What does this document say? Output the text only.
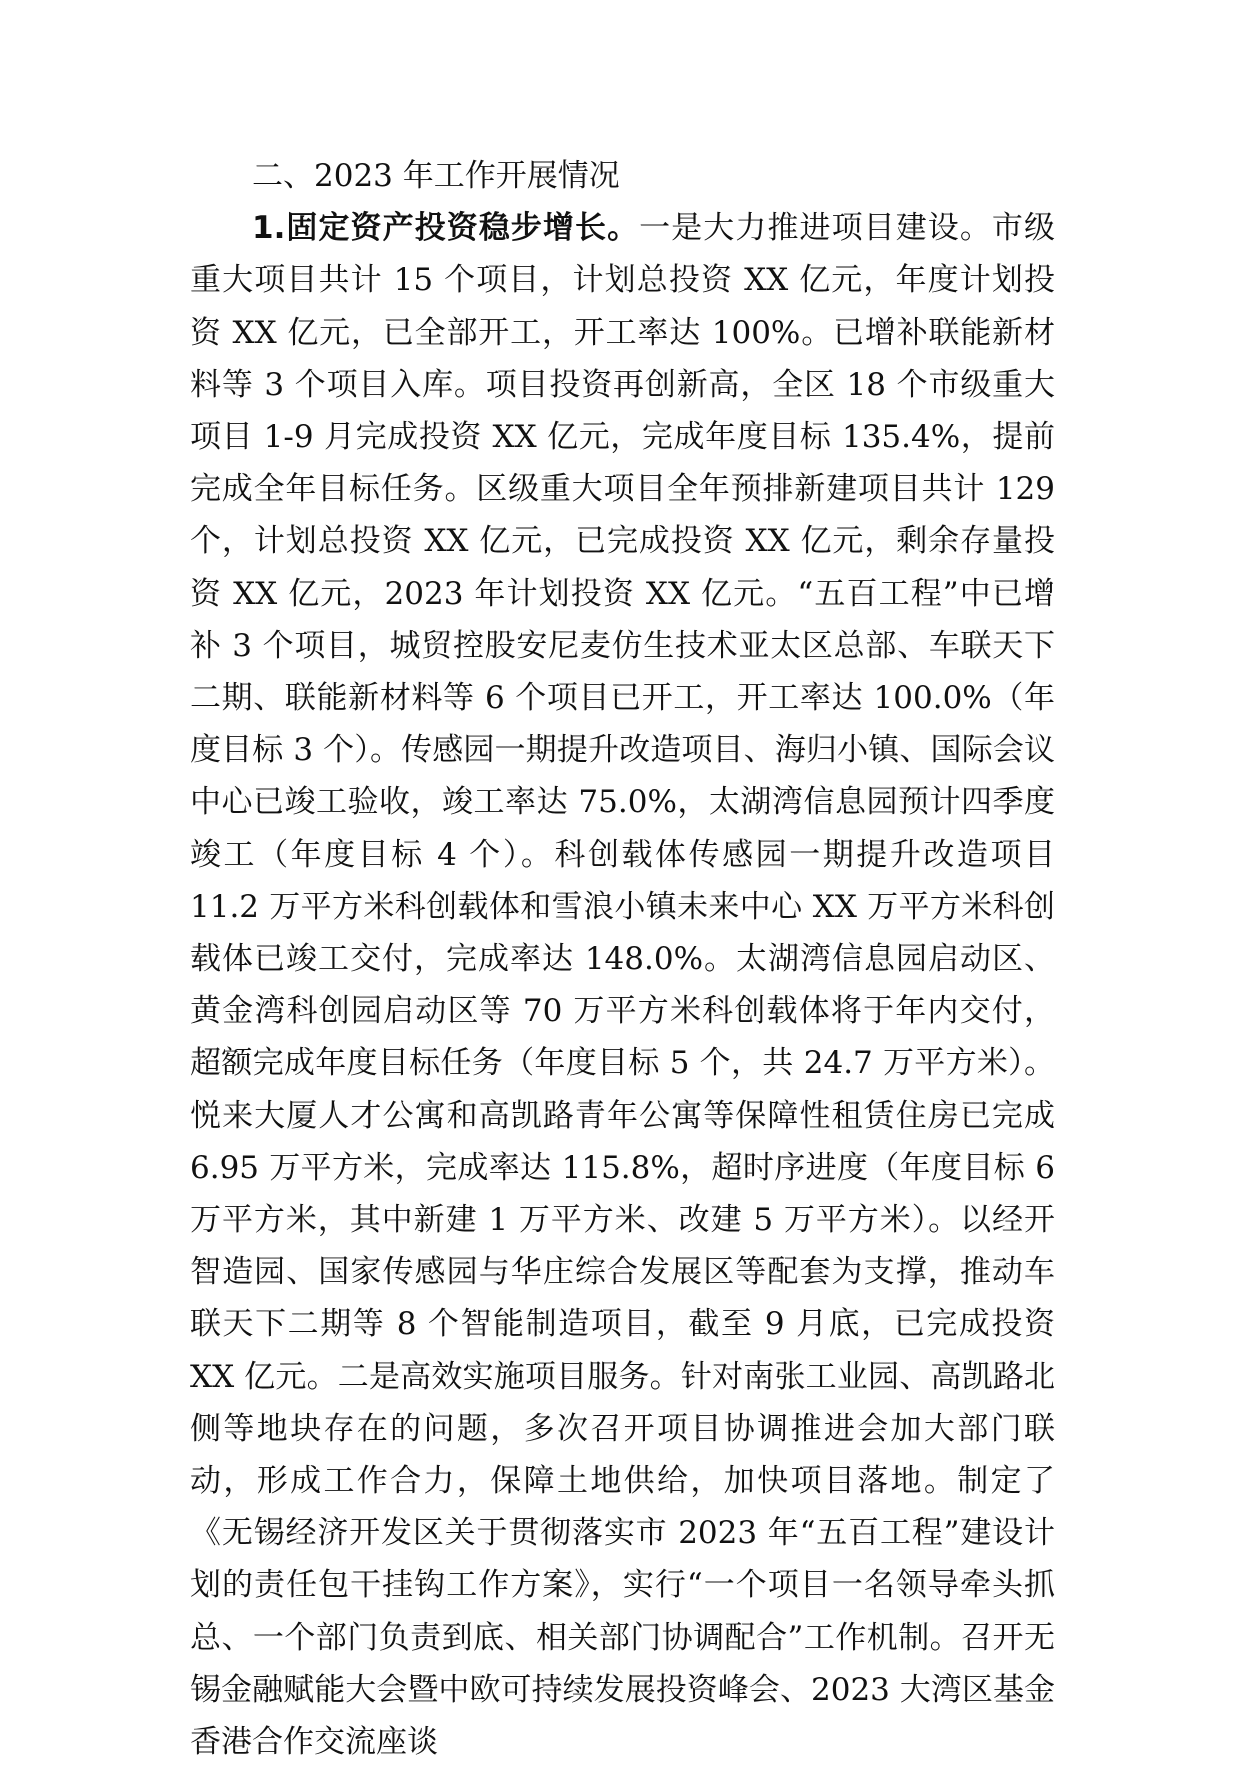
二、2023 年工作开展情况

1.固定资产投资稳步增长。一是大力推进项目建设。市级重大项目共计 15 个项目，计划总投资 XX 亿元，年度计划投资 XX 亿元，已全部开工，开工率达 100%。已增补联能新材料等 3 个项目入库。项目投资再创新高，全区 18 个市级重大项目 1-9 月完成投资 XX 亿元，完成年度目标 135.4%，提前完成全年目标任务。区级重大项目全年预排新建项目共计 129 个，计划总投资 XX 亿元，已完成投资 XX 亿元，剩余存量投资 XX 亿元，2023 年计划投资 XX 亿元。“五百工程”中已增补 3 个项目，城贸控股安尼麦仿生技术亚太区总部、车联天下二期、联能新材料等 6 个项目已开工，开工率达 100.0%（年度目标 3 个）。传感园一期提升改造项目、海归小镇、国际会议中心已竣工验收，竣工率达 75.0%，太湖湾信息园预计四季度竣工（年度目标 4 个）。科创载体传感园一期提升改造项目 11.2 万平方米科创载体和雪浪小镇未来中心 XX 万平方米科创载体已竣工交付，完成率达 148.0%。太湖湾信息园启动区、黄金湾科创园启动区等 70 万平方米科创载体将于年内交付，超额完成年度目标任务（年度目标 5 个，共 24.7 万平方米）。悦来大厦人才公寓和高凯路青年公寓等保障性租赁住房已完成 6.95 万平方米，完成率达 115.8%，超时序进度（年度目标 6 万平方米，其中新建 1 万平方米、改建 5 万平方米）。以经开智造园、国家传感园与华庄综合发展区等配套为支撑，推动车联天下二期等 8 个智能制造项目，截至 9 月底，已完成投资 XX 亿元。二是高效实施项目服务。针对南张工业园、高凯路北侧等地块存在的问题，多次召开项目协调推进会加大部门联动，形成工作合力，保障土地供给，加快项目落地。制定了《无锡经济开发区关于贯彻落实市 2023 年“五百工程”建设计划的责任包干挂钩工作方案》，实行“一个项目一名领导牵头抓总、一个部门负责到底、相关部门协调配合”工作机制。召开无锡金融赋能大会暨中欧可持续发展投资峰会、2023 大湾区基金香港合作交流座谈
